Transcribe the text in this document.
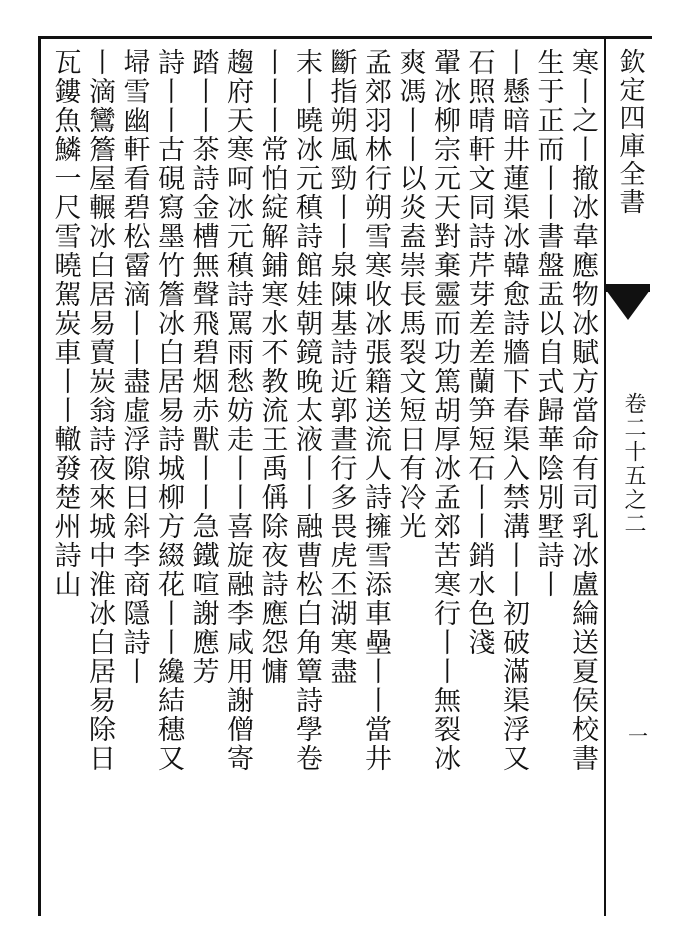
欽定四庫全書
卷二十五之二
一
寒丨之丨撤冰韋應物冰賦方當命有司乳冰盧綸送夏侯校書
生于正而丨丨書盤盂以自式歸華陰別墅詩丨
丨懸暗井蓮渠冰韓愈詩牆下春渠入禁溝丨丨初破滿渠浮又
石照晴軒文同詩芹芽差差蘭笋短石丨丨銷水色淺
翬冰柳宗元天對棄靈而功篤胡厚冰孟郊苦寒行丨丨無裂冰
爽馮丨丨以炎盍崇長馬裂文短日有冷光
孟郊羽林行朔雪寒收冰張籍送流人詩擁雪添車壘丨丨當井
斷指朔風勁丨丨泉陳基詩近郭晝行多畏虎丕湖寒盡
末丨曉冰元稹詩館娃朝鏡晚太液丨丨融曹松白角簟詩學卷
丨丨丨常怕綻解鋪寒水不教流王禹偁除夜詩應怨慵
趨府天寒呵冰元稹詩罵雨愁妨走丨丨喜旋融李咸用謝僧寄
踏丨丨茶詩金槽無聲飛碧烟赤獸丨丨急鐵喧謝應芳
詩丨丨古硯寫墨竹簷冰白居易詩城柳方綴花丨丨纔結穗又
埽雪幽軒看碧松霤滴丨丨盡虛浮隙日斜李商隱詩丨
丨滴鸞簷屋輾冰白居易賣炭翁詩夜來城中淮冰白居易除日
瓦鏤魚鱗一尺雪曉駕炭車丨丨轍發楚州詩山
